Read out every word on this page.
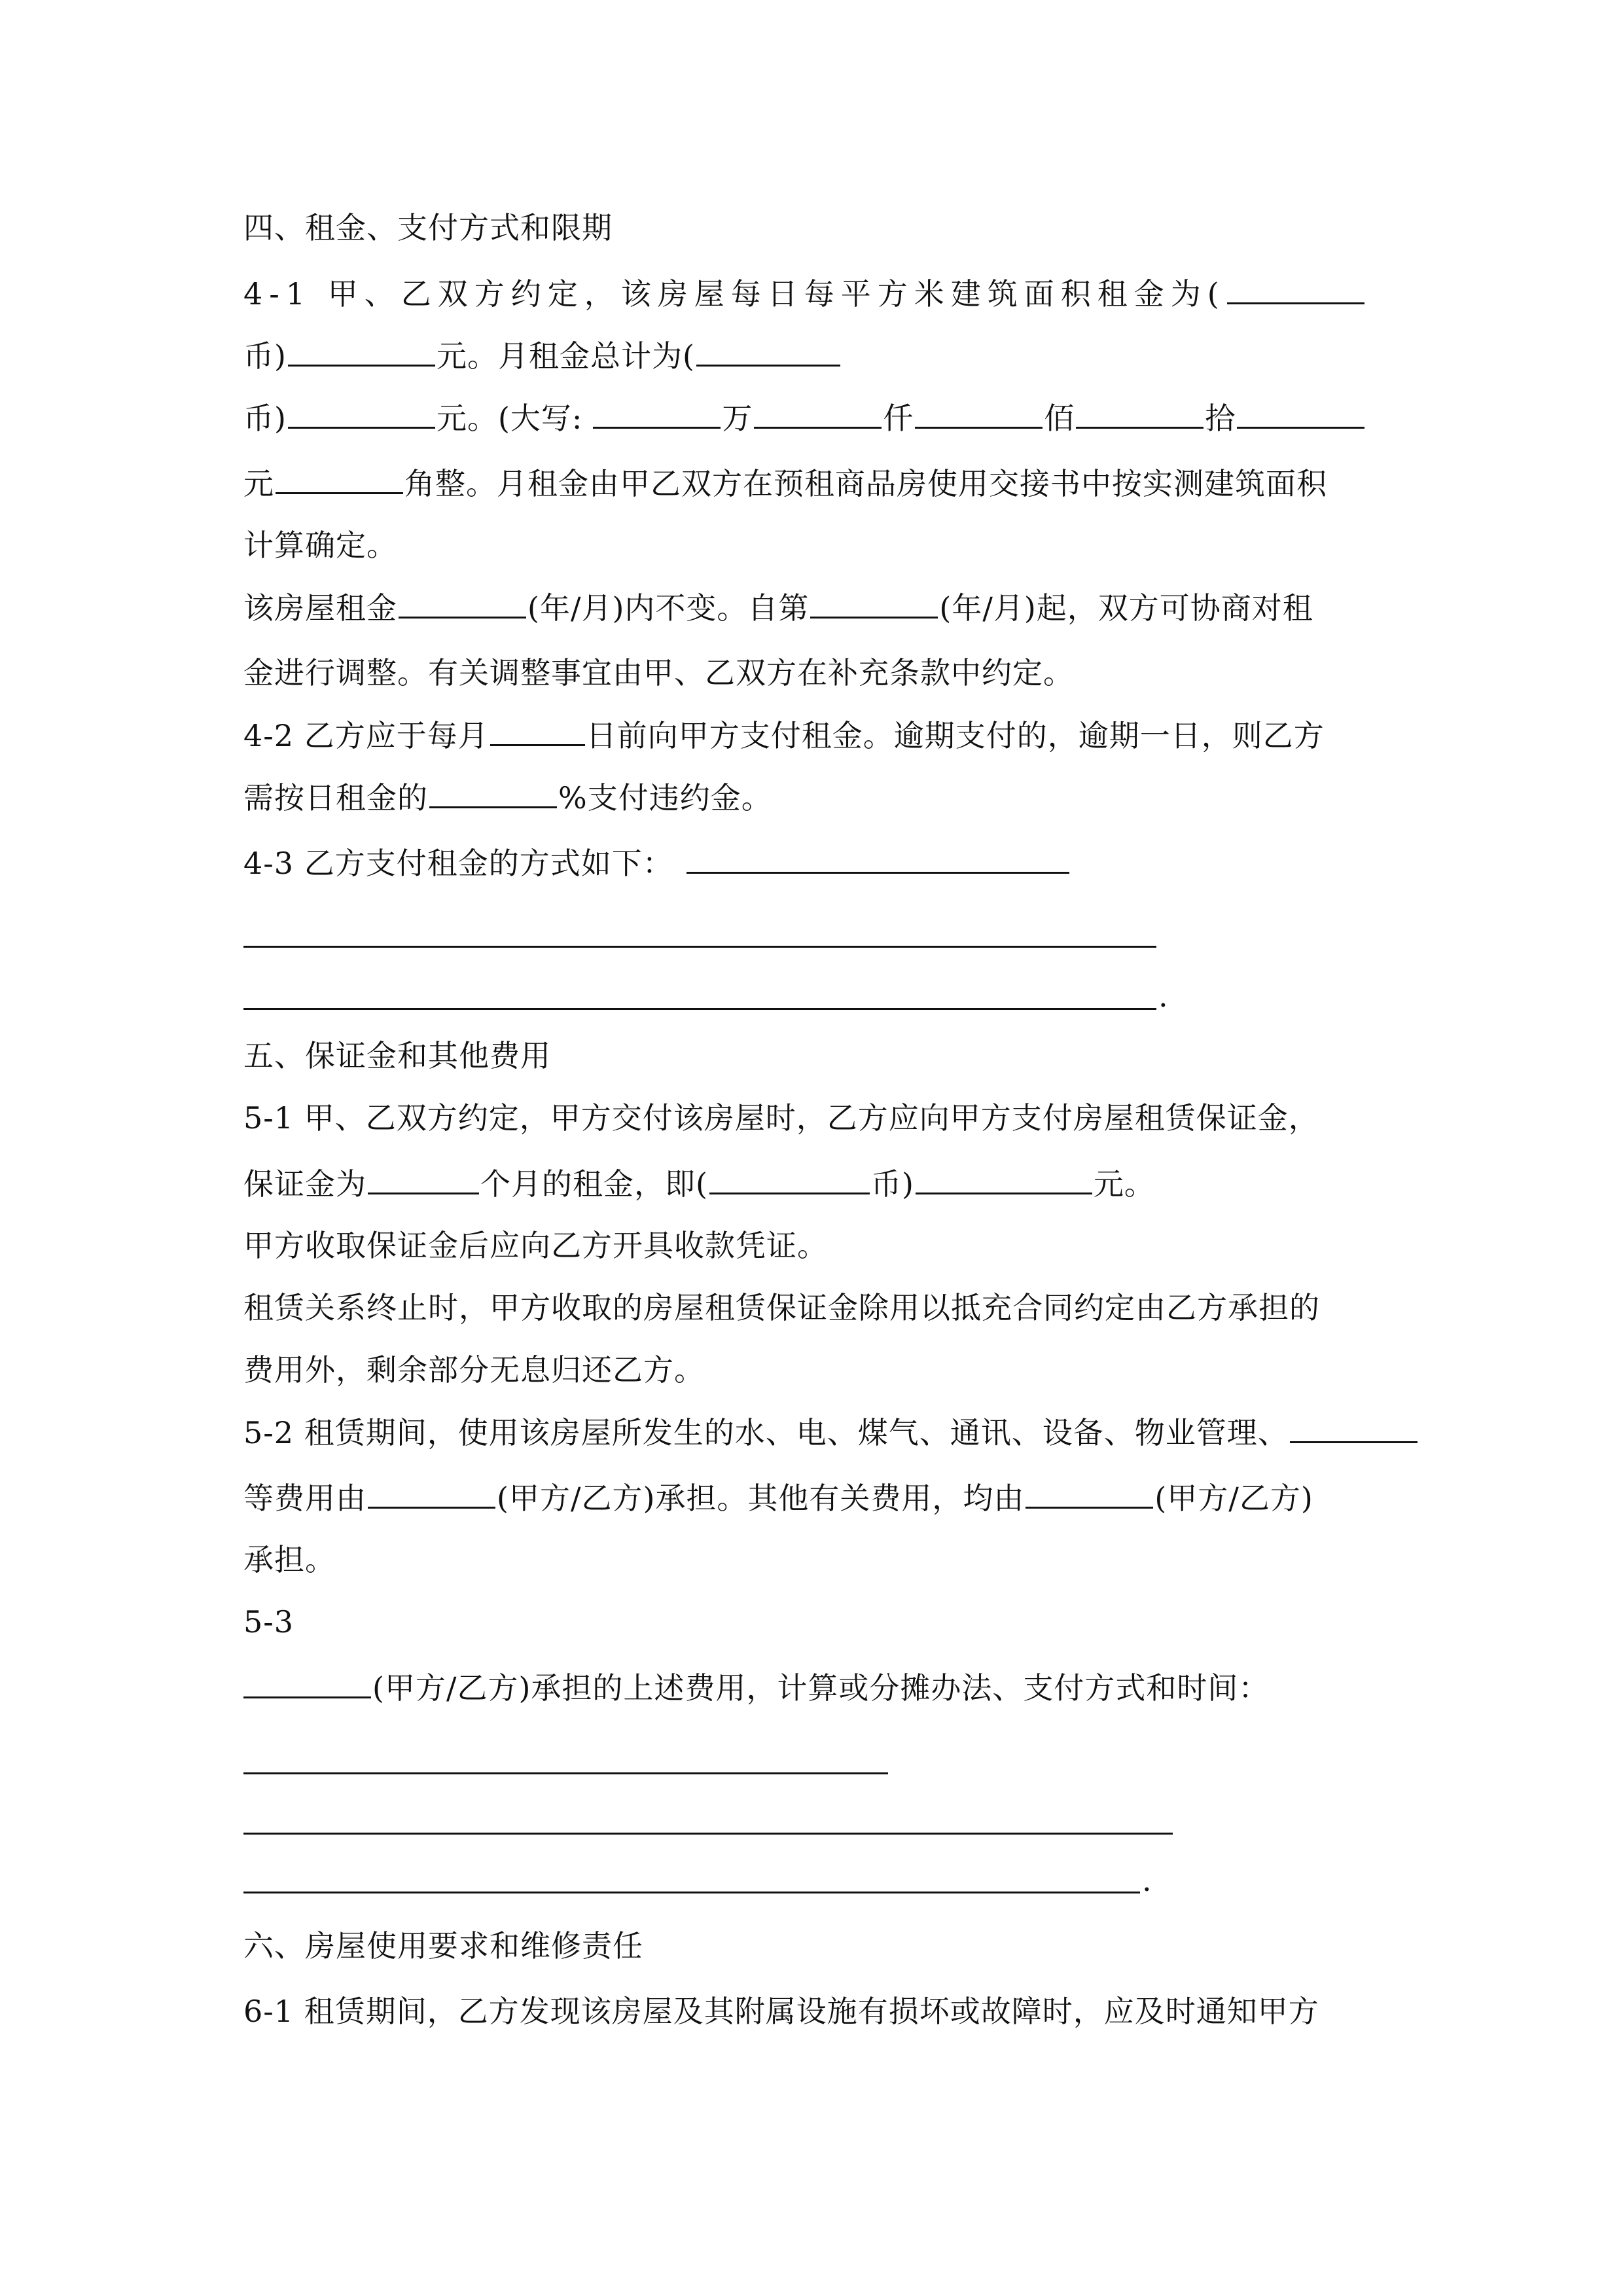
四、租金、支付方式和限期
4-1 甲、乙双方约定，该房屋每日每平方米建筑面积租金为(
币)	元。月租金总计为(
币)	元。(大写:	万	仟	佰	拾
元	角整。月租金由甲乙双方在预租商品房使用交接书中按实测建筑面积
计算确定。
该房屋租金	(年/月)内不变。自第	(年/月)起，双方可协商对租
金进行调整。有关调整事宜由甲、乙双方在补充条款中约定。
4-2 乙方应于每月	日前向甲方支付租金。逾期支付的，逾期一日，则乙方
需按日租金的	%支付违约金。
4-3 乙方支付租金的方式如下：
.
五、保证金和其他费用
5-1 甲、乙双方约定，甲方交付该房屋时，乙方应向甲方支付房屋租赁保证金，
保证金为	个月的租金，即(	币)	元。
甲方收取保证金后应向乙方开具收款凭证。
租赁关系终止时，甲方收取的房屋租赁保证金除用以抵充合同约定由乙方承担的
费用外，剩余部分无息归还乙方。
5-2 租赁期间，使用该房屋所发生的水、电、煤气、通讯、设备、物业管理、
等费用由	(甲方/乙方)承担。其他有关费用，均由	(甲方/乙方)
承担。
5-3
(甲方/乙方)承担的上述费用，计算或分摊办法、支付方式和时间：
.
六、房屋使用要求和维修责任
6-1 租赁期间，乙方发现该房屋及其附属设施有损坏或故障时，应及时通知甲方
